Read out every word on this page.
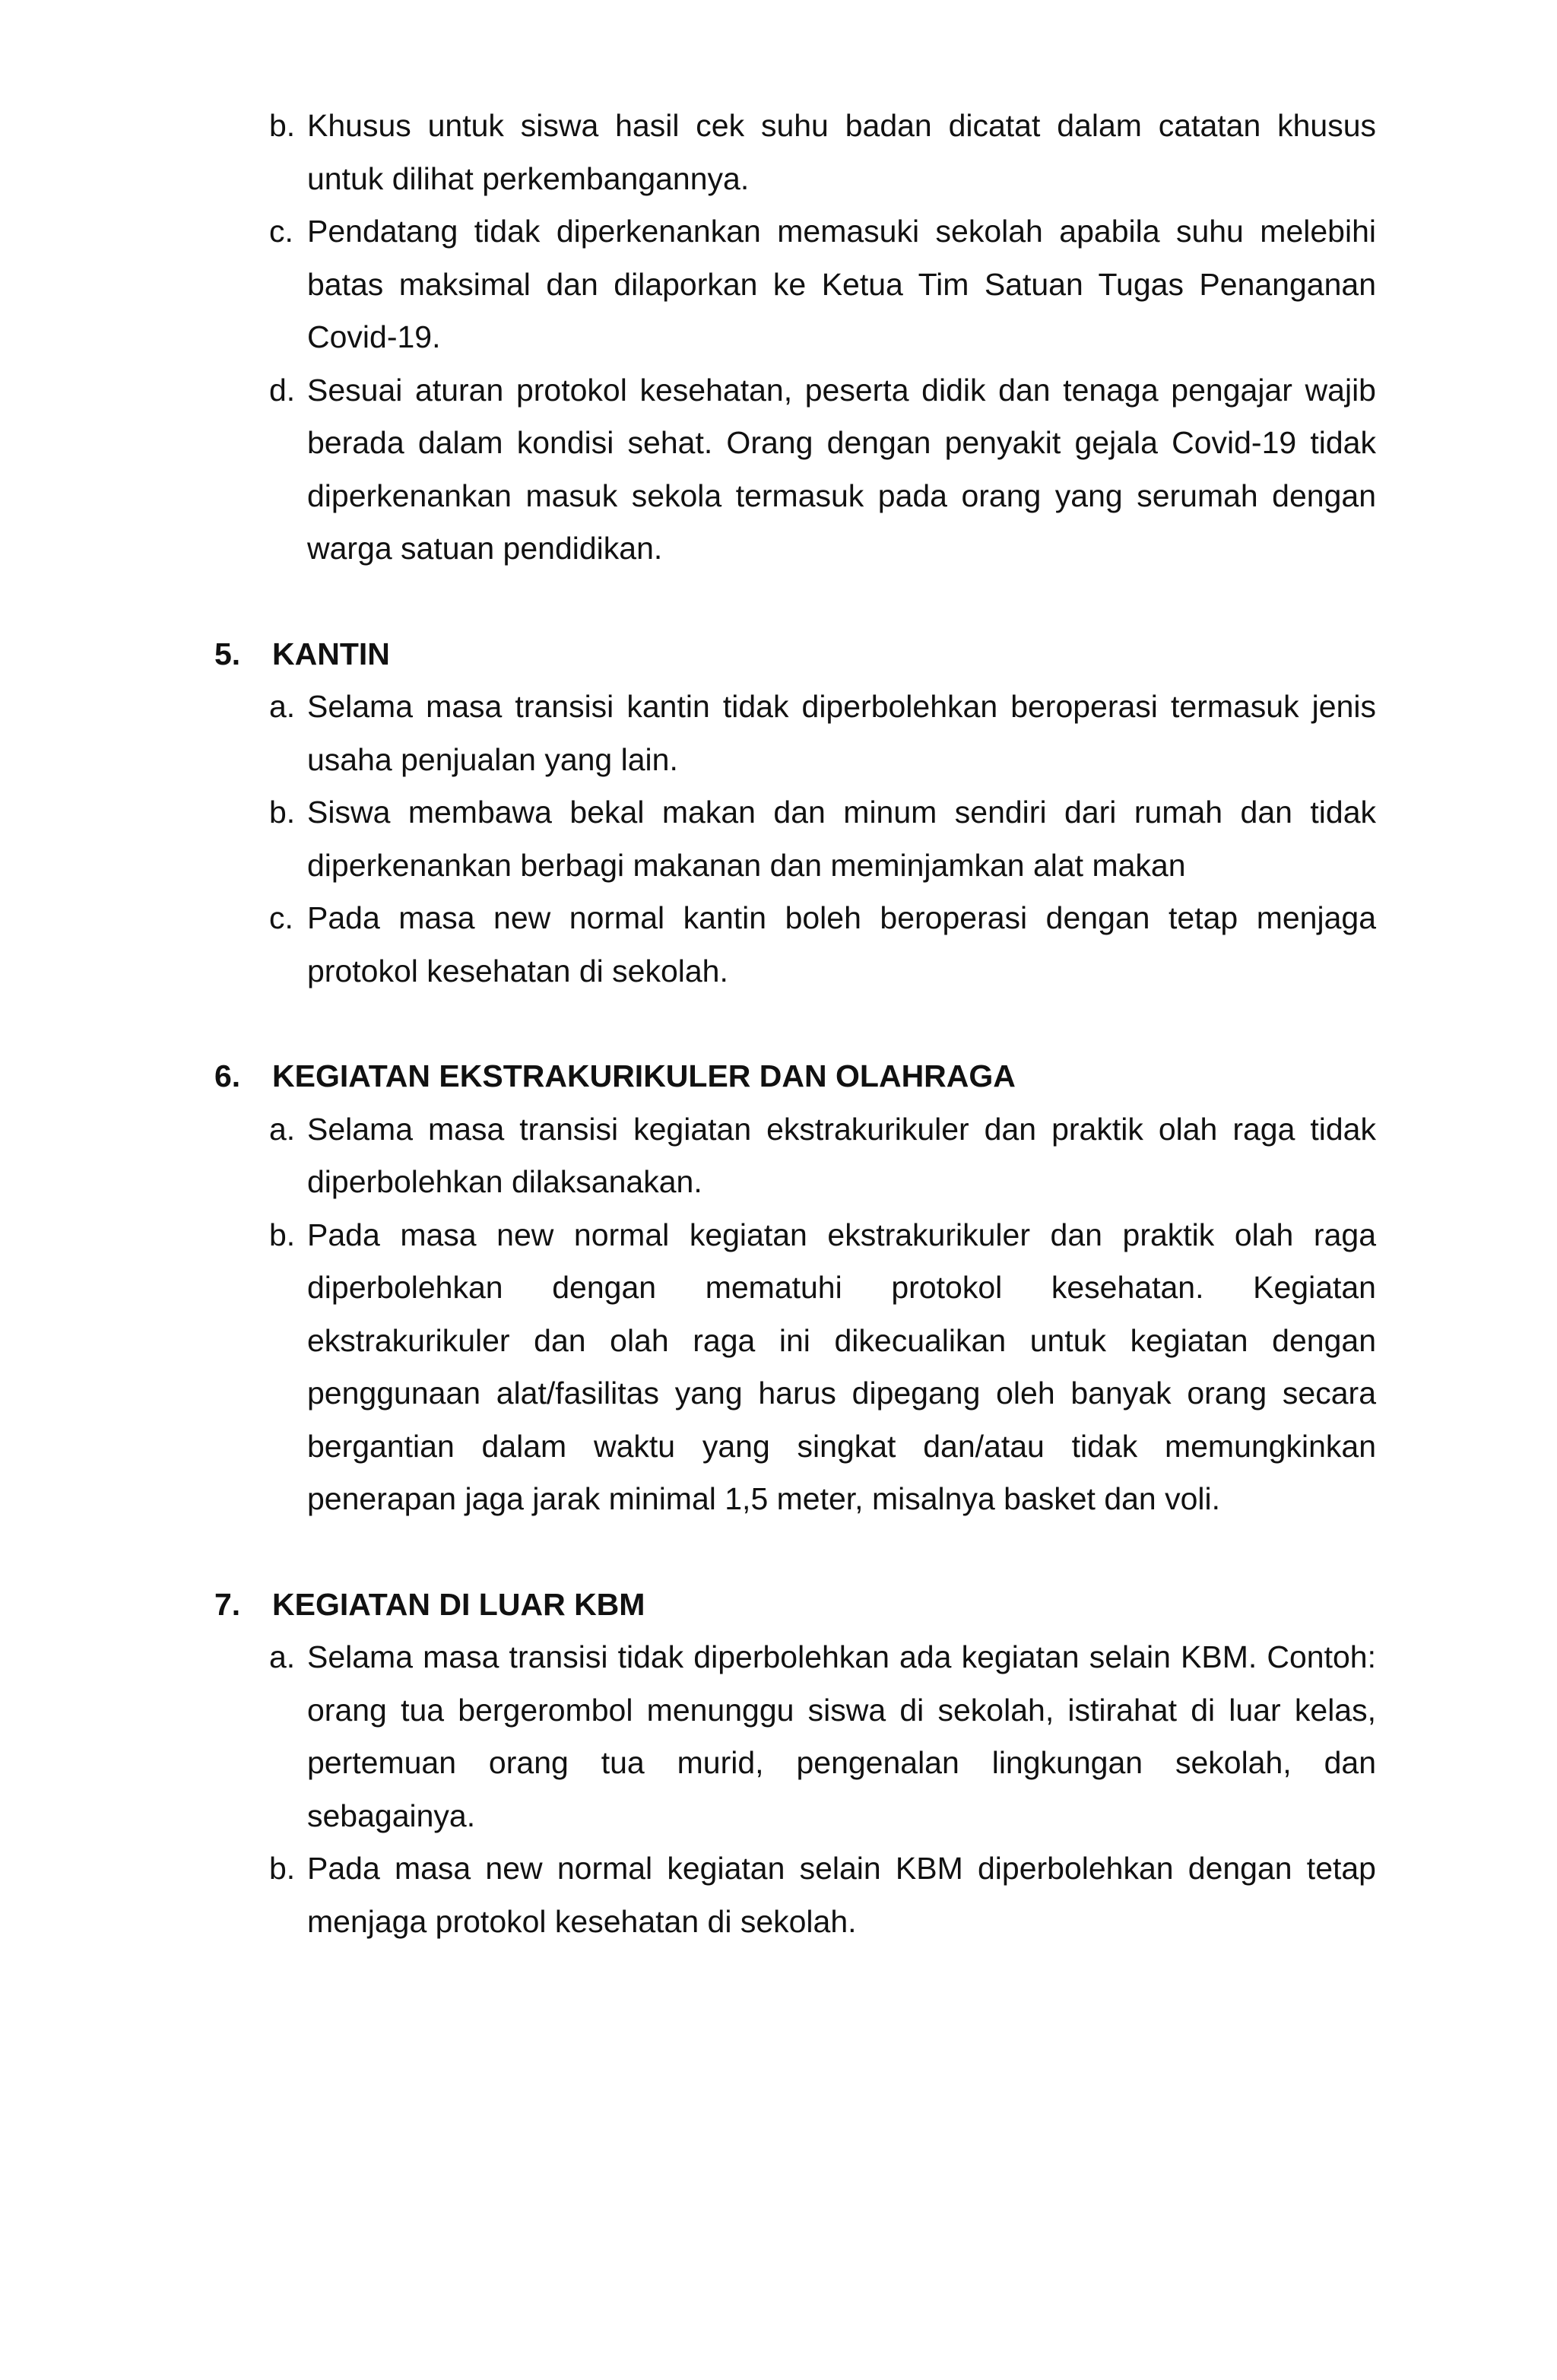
b. Khusus untuk siswa hasil cek suhu badan dicatat dalam catatan khusus untuk dilihat perkembangannya.
c. Pendatang tidak diperkenankan memasuki sekolah apabila suhu melebihi batas maksimal dan dilaporkan ke Ketua Tim Satuan Tugas Penanganan Covid-19.
d. Sesuai aturan protokol kesehatan, peserta didik dan tenaga pengajar wajib berada dalam kondisi sehat. Orang dengan penyakit gejala Covid-19 tidak diperkenankan masuk sekola termasuk pada orang yang serumah dengan warga satuan pendidikan.
5.	KANTIN
a. Selama masa transisi kantin tidak diperbolehkan beroperasi termasuk jenis usaha penjualan yang lain.
b. Siswa membawa bekal makan dan minum sendiri dari rumah dan tidak diperkenankan berbagi makanan dan meminjamkan alat makan
c. Pada masa new normal kantin boleh beroperasi dengan tetap menjaga protokol kesehatan di sekolah.
6.	KEGIATAN EKSTRAKURIKULER DAN OLAHRAGA
a. Selama masa transisi kegiatan ekstrakurikuler dan praktik olah raga tidak diperbolehkan dilaksanakan.
b. Pada masa new normal kegiatan ekstrakurikuler dan praktik olah raga diperbolehkan dengan mematuhi protokol kesehatan. Kegiatan ekstrakurikuler dan olah raga ini dikecualikan untuk kegiatan dengan penggunaan alat/fasilitas yang harus dipegang oleh banyak orang secara bergantian dalam waktu yang singkat dan/atau tidak memungkinkan penerapan jaga jarak minimal 1,5 meter, misalnya basket dan voli.
7.	KEGIATAN DI LUAR KBM
a. Selama masa transisi tidak diperbolehkan ada kegiatan selain KBM. Contoh: orang tua bergerombol menunggu siswa di sekolah, istirahat di luar kelas, pertemuan orang tua murid, pengenalan lingkungan sekolah, dan sebagainya.
b. Pada masa new normal kegiatan selain KBM diperbolehkan dengan tetap menjaga protokol kesehatan di sekolah.
